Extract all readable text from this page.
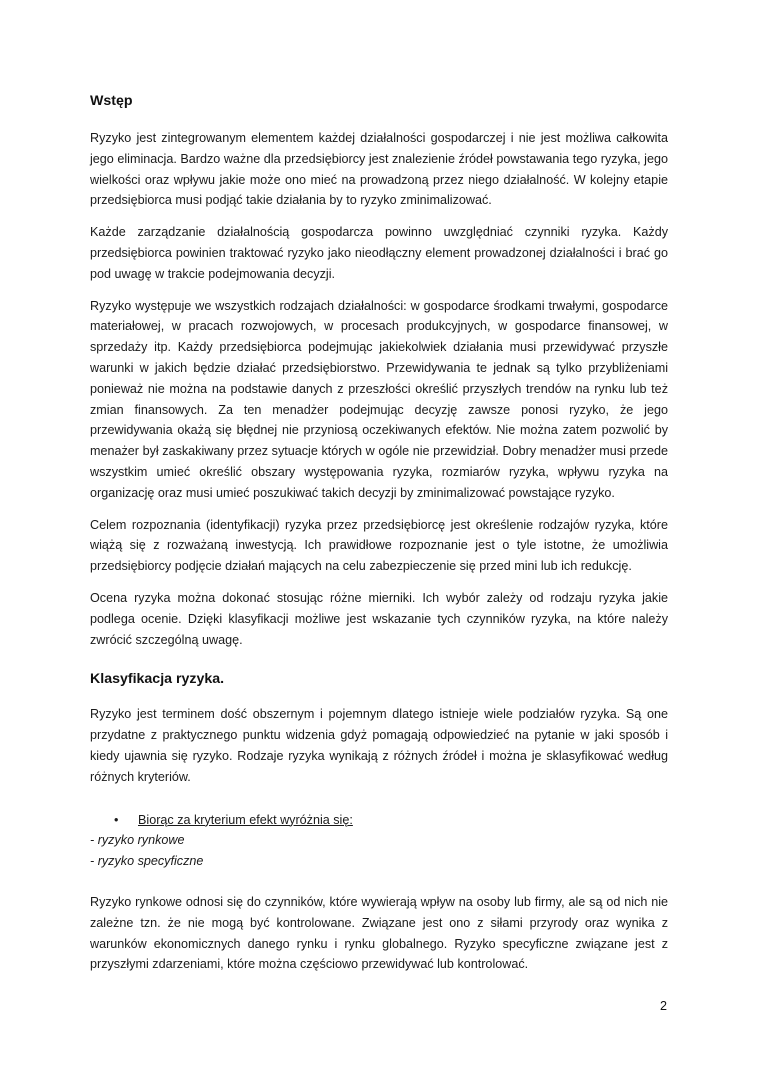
Wstęp

Ryzyko jest zintegrowanym elementem każdej działalności gospodarczej i nie jest możliwa całkowita jego eliminacja. Bardzo ważne dla przedsiębiorcy jest znalezienie źródeł powstawania tego ryzyka, jego wielkości oraz wpływu jakie może ono mieć na prowadzoną przez niego działalność. W kolejny etapie przedsiębiorca musi podjąć takie działania by to ryzyko zminimalizować.

Każde zarządzanie działalnością gospodarcza powinno uwzględniać czynniki ryzyka. Każdy przedsiębiorca powinien traktować ryzyko jako nieodłączny element prowadzonej działalności i brać go pod uwagę w trakcie podejmowania decyzji.

Ryzyko występuje we wszystkich rodzajach działalności: w gospodarce środkami trwałymi, gospodarce materiałowej, w pracach rozwojowych, w procesach produkcyjnych, w gospodarce finansowej, w sprzedaży itp. Każdy przedsiębiorca podejmując jakiekolwiek działania musi przewidywać przyszłe warunki w jakich będzie działać przedsiębiorstwo. Przewidywania te jednak są tylko przybliżeniami ponieważ nie można na podstawie danych z przeszłości określić przyszłych trendów na rynku lub też zmian finansowych. Za ten menadżer podejmując decyzję zawsze ponosi ryzyko, że jego przewidywania okażą się błędnej nie przyniosą oczekiwanych efektów. Nie można zatem pozwolić by menażer był zaskakiwany przez sytuacje których w ogóle nie przewidział. Dobry menadżer musi przede wszystkim umieć określić obszary występowania ryzyka, rozmiarów ryzyka, wpływu ryzyka na organizację oraz musi umieć poszukiwać takich decyzji by zminimalizować powstające ryzyko.

Celem rozpoznania (identyfikacji) ryzyka przez przedsiębiorcę jest określenie rodzajów ryzyka, które wiążą się z rozważaną inwestycją. Ich prawidłowe rozpoznanie jest o tyle istotne, że umożliwia przedsiębiorcy podjęcie działań mających na celu zabezpieczenie się przed mini lub ich redukcję.

Ocena ryzyka można dokonać stosując różne mierniki. Ich wybór zależy od rodzaju ryzyka jakie podlega ocenie. Dzięki klasyfikacji możliwe jest wskazanie tych czynników ryzyka, na które należy zwrócić szczególną uwagę.

Klasyfikacja ryzyka.

Ryzyko jest terminem dość obszernym i pojemnym dlatego istnieje wiele podziałów ryzyka. Są one przydatne z praktycznego punktu widzenia gdyż pomagają odpowiedzieć na pytanie w jaki sposób i kiedy ujawnia się ryzyko. Rodzaje ryzyka wynikają z różnych źródeł i można je sklasyfikować według różnych kryteriów.

•	Biorąc za kryterium efekt wyróżnia się:
- ryzyko rynkowe
- ryzyko specyficzne

Ryzyko rynkowe odnosi się do czynników, które wywierają wpływ na osoby lub firmy, ale są od nich nie zależne tzn. że nie mogą być kontrolowane. Związane jest ono z siłami przyrody oraz wynika z warunków ekonomicznych danego rynku i rynku globalnego. Ryzyko specyficzne związane jest z przyszłymi zdarzeniami, które można częściowo przewidywać lub kontrolować.

2
